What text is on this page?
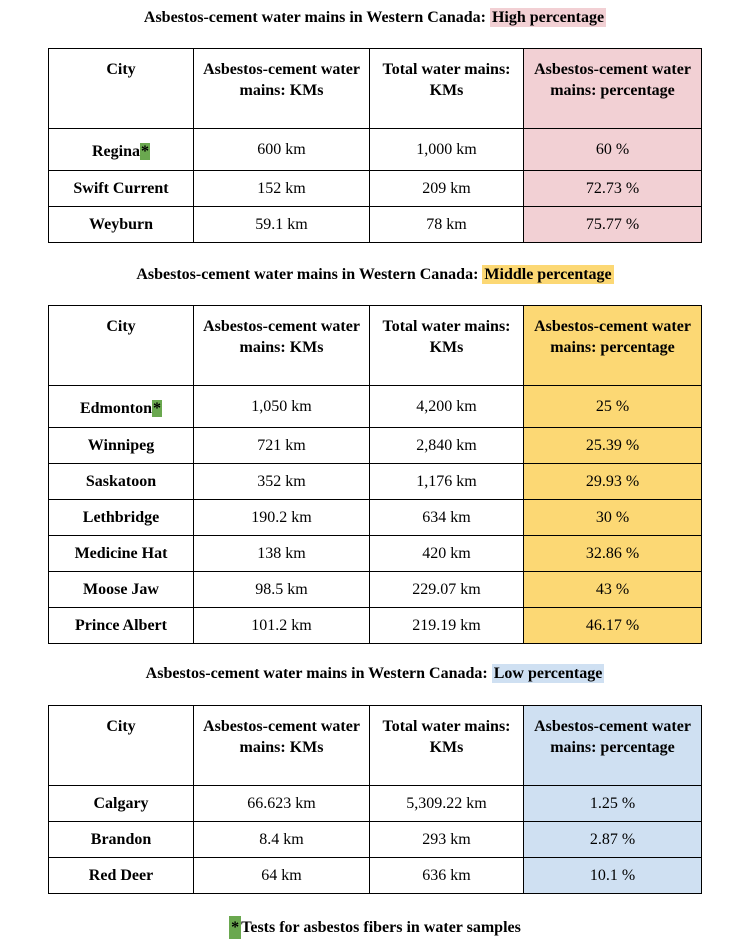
Asbestos-cement water mains in Western Canada: High percentage
City	Asbestos-cement water mains: KMs	Total water mains: KMs	Asbestos-cement water mains: percentage
Regina*	600 km	1,000 km	60 %
Swift Current	152 km	209 km	72.73 %
Weyburn	59.1 km	78 km	75.77 %
Asbestos-cement water mains in Western Canada: Middle percentage
City	Asbestos-cement water mains: KMs	Total water mains: KMs	Asbestos-cement water mains: percentage
Edmonton*	1,050 km	4,200 km	25 %
Winnipeg	721 km	2,840 km	25.39 %
Saskatoon	352 km	1,176 km	29.93 %
Lethbridge	190.2 km	634 km	30 %
Medicine Hat	138 km	420 km	32.86 %
Moose Jaw	98.5 km	229.07 km	43 %
Prince Albert	101.2 km	219.19 km	46.17 %
Asbestos-cement water mains in Western Canada: Low percentage
City	Asbestos-cement water mains: KMs	Total water mains: KMs	Asbestos-cement water mains: percentage
Calgary	66.623 km	5,309.22 km	1.25 %
Brandon	8.4 km	293 km	2.87 %
Red Deer	64 km	636 km	10.1 %
* Tests for asbestos fibers in water samples
